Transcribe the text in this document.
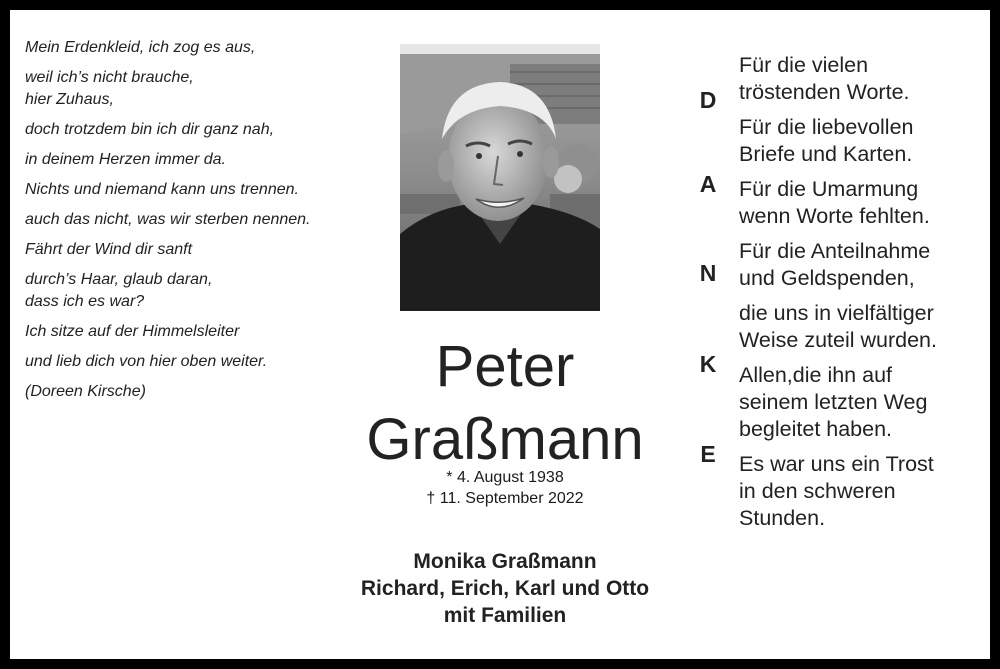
Mein Erdenkleid, ich zog es aus,
weil ich’s nicht brauche,
hier Zuhaus,
doch trotzdem bin ich dir ganz nah,
in deinem Herzen immer da.
Nichts und niemand kann uns trennen.
auch das nicht, was wir sterben nennen.
Fährt der Wind dir sanft
durch’s Haar, glaub daran,
dass ich es war?
Ich sitze auf der Himmelsleiter
und lieb dich von hier oben weiter.
(Doreen Kirsche)	Peter
Graßmann
* 4. August 1938
† 11. September 2022
Monika Graßmann
Richard, Erich, Karl und Otto
mit Familien
D
A
N
K
E
Für die vielen
tröstenden Worte.
Für die liebevollen
Briefe und Karten.
Für die Umarmung
wenn Worte fehlten.
Für die Anteilnahme
und Geldspenden,
die uns in vielfältiger
Weise zuteil wurden.
Allen,die ihn auf
seinem letzten Weg
begleitet haben.
Es war uns ein Trost
in den schweren
Stunden.
